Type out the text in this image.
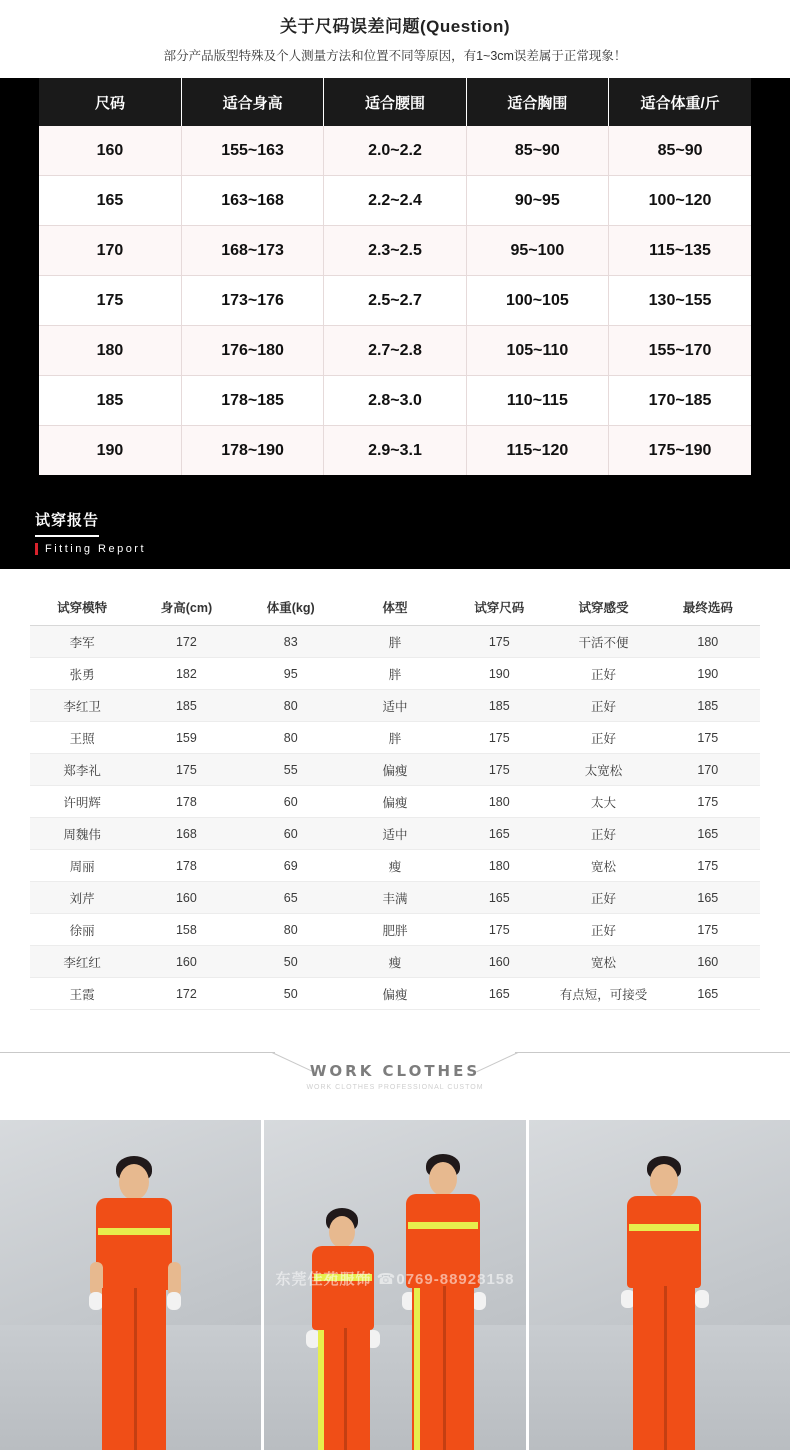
关于尺码误差问题(Question)
部分产品版型特殊及个人测量方法和位置不同等原因，有1~3cm误差属于正常现象！
尺码	适合身高	适合腰围	适合胸围	适合体重/斤
160	155~163	2.0~2.2	85~90	85~90
165	163~168	2.2~2.4	90~95	100~120
170	168~173	2.3~2.5	95~100	115~135
175	173~176	2.5~2.7	100~105	130~155
180	176~180	2.7~2.8	105~110	155~170
185	178~185	2.8~3.0	110~115	170~185
190	178~190	2.9~3.1	115~120	175~190
试穿报告
Fitting Report
试穿模特	身高(cm)	体重(kg)	体型	试穿尺码	试穿感受	最终选码
李军	172	83	胖	175	干活不便	180
张勇	182	95	胖	190	正好	190
李红卫	185	80	适中	185	正好	185
王照	159	80	胖	175	正好	175
郑李礼	175	55	偏瘦	175	太宽松	170
许明辉	178	60	偏瘦	180	太大	175
周魏伟	168	60	适中	165	正好	165
周丽	178	69	瘦	180	宽松	175
刘芹	160	65	丰满	165	正好	165
徐丽	158	80	肥胖	175	正好	175
李红红	160	50	瘦	160	宽松	160
王霞	172	50	偏瘦	165	有点短，可接受	165
WORK CLOTHES PROFESSIONAL CUSTOM
WORK CLOTHES
东莞佳苑服饰 ☎0769-88928158
